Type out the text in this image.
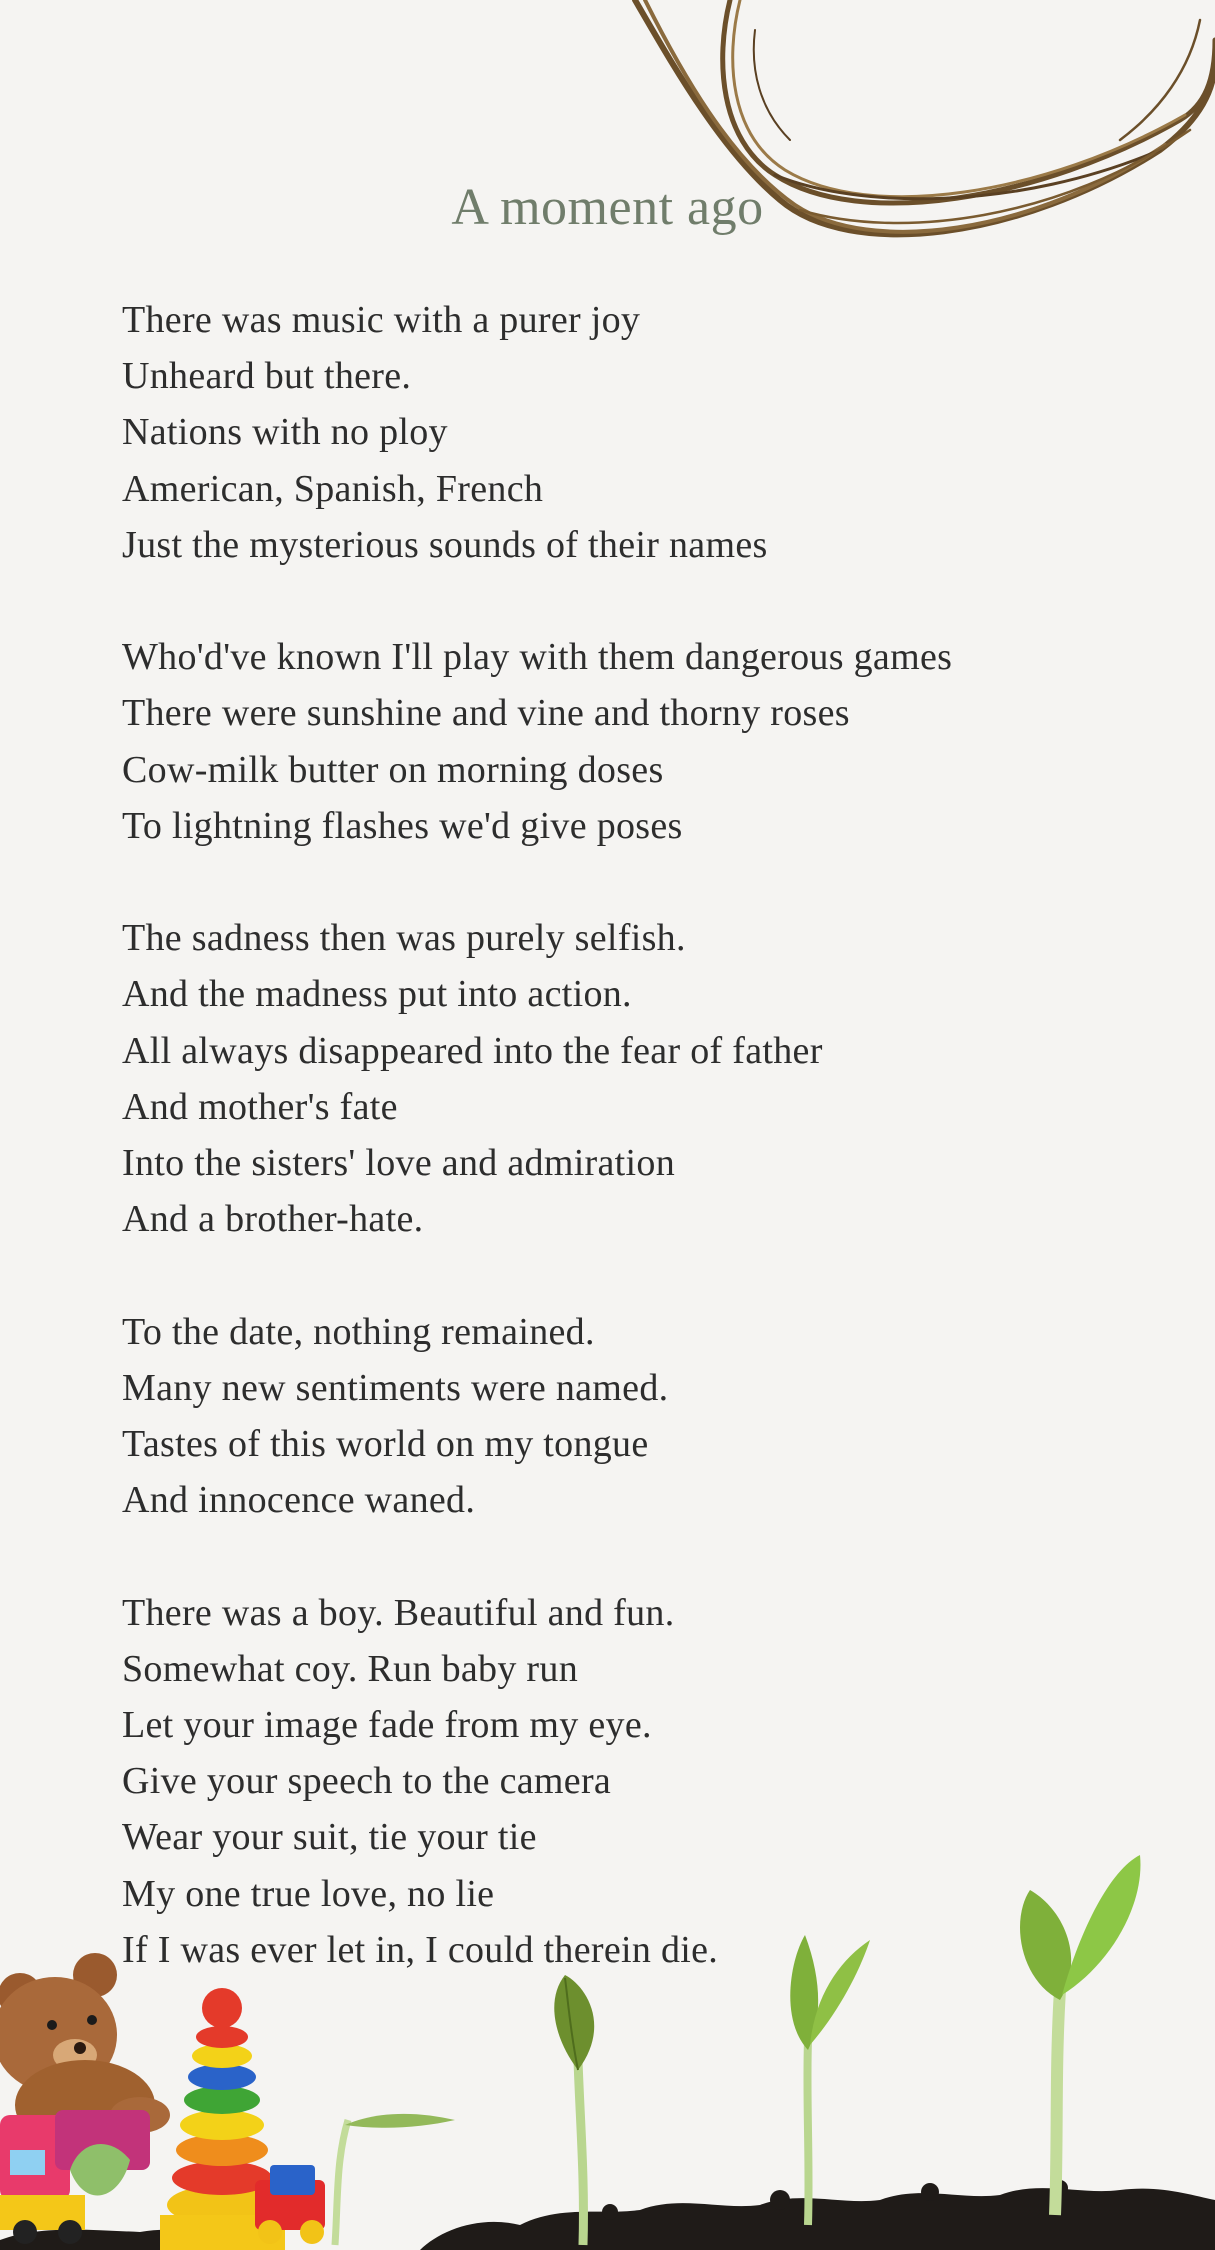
A moment ago
There was music with a purer joy
Unheard but there.
Nations with no ploy
American, Spanish, French
Just the mysterious sounds of their names
Who'd've known I'll play with them dangerous games
There were sunshine and vine and thorny roses
Cow-milk butter on morning doses
To lightning flashes we'd give poses
The sadness then was purely selfish.
And the madness put into action.
All always disappeared into the fear of father
And mother's fate
Into the sisters' love and admiration
And a brother-hate.
To the date, nothing remained.
Many new sentiments were named.
Tastes of this world on my tongue
And innocence waned.
There was a boy. Beautiful and fun.
Somewhat coy. Run baby run
Let your image fade from my eye.
Give your speech to the camera
Wear your suit, tie your tie
My one true love, no lie
If I was ever let in, I could therein die.
